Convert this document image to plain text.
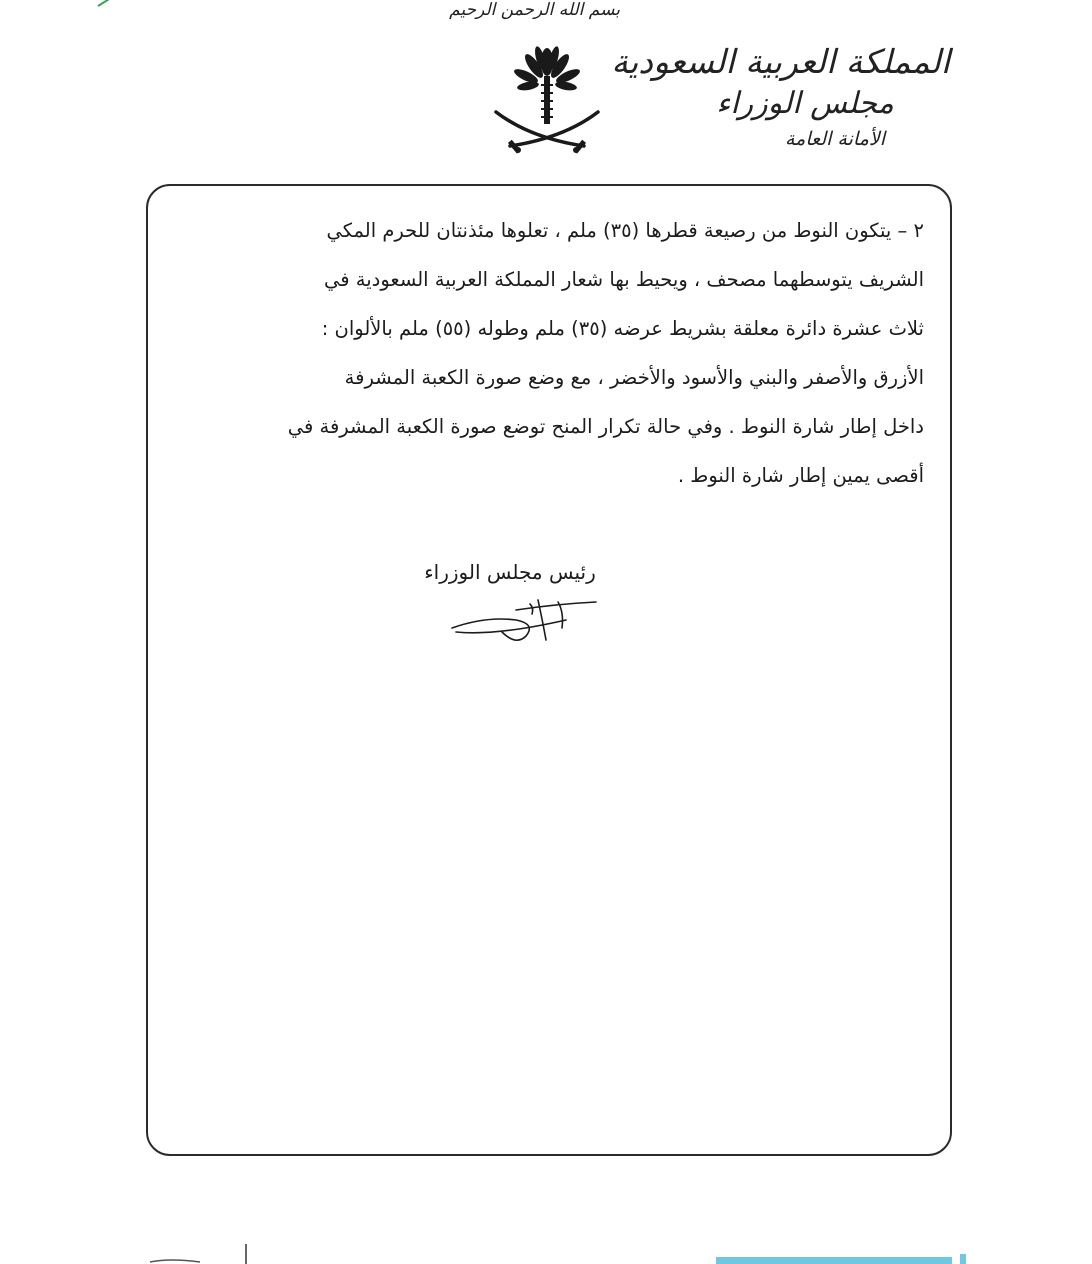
بسم الله الرحمن الرحيم
المملكة العربية السعودية
مجلس الوزراء
الأمانة العامة
٢ – يتكون النوط من رصيعة قطرها (٣٥) ملم ، تعلوها مئذنتان للحرم المكي
الشريف يتوسطهما مصحف ، ويحيط بها شعار المملكة العربية السعودية في
ثلاث عشرة دائرة معلقة بشريط عرضه (٣٥) ملم وطوله (٥٥) ملم بالألوان :
الأزرق والأصفر والبني والأسود والأخضر ، مع وضع صورة الكعبة المشرفة
داخل إطار شارة النوط . وفي حالة تكرار المنح توضع صورة الكعبة المشرفة في
أقصى يمين إطار شارة النوط .
رئيس مجلس الوزراء
